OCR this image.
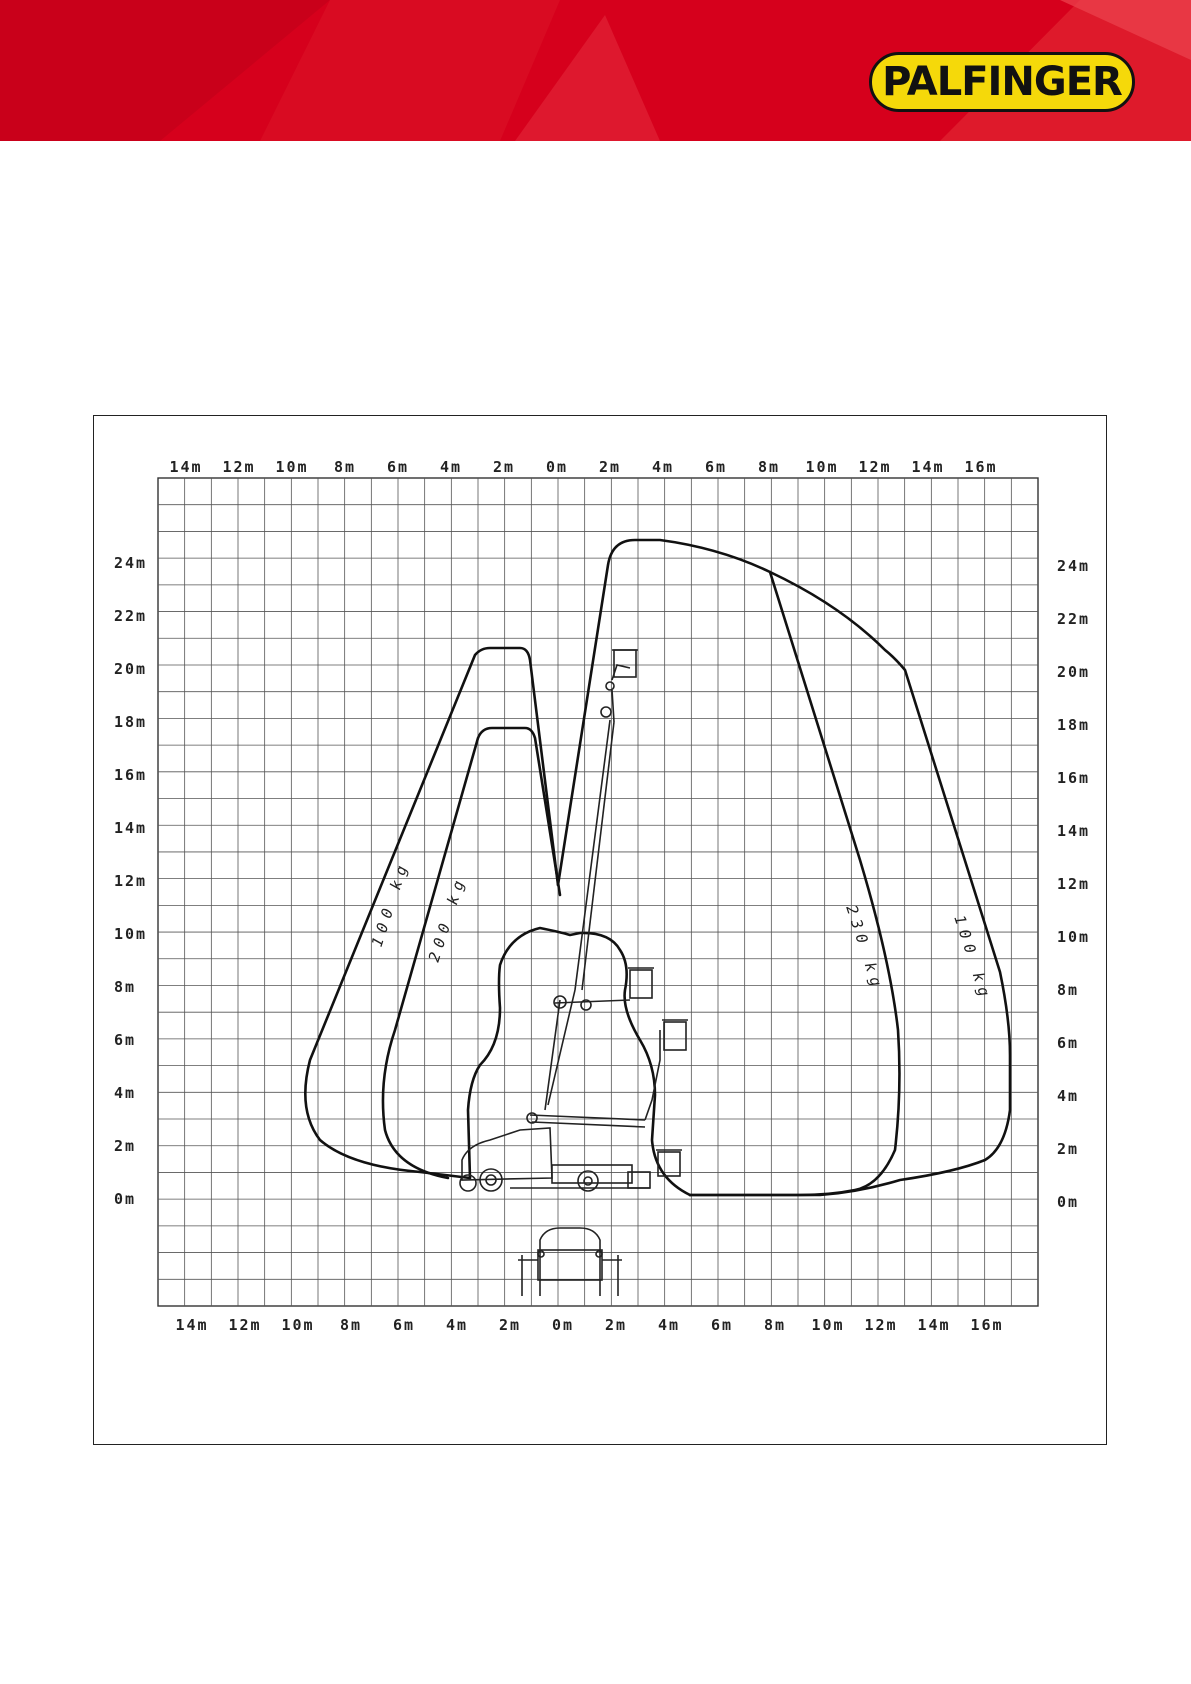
PALFINGER
14m 12m 10m 8m 6m 4m 2m 0m 2m 4m 6m 8m 10m 12m 14m 16m
14m 12m 10m 8m 6m 4m 2m 0m 2m 4m 6m 8m 10m 12m 14m 16m
24m
22m
20m
18m
16m
14m
12m
10m
8m
6m
4m
2m
0m
24m
22m
20m
18m
16m
14m
12m
10m
8m
6m
4m
2m
0m
100 kg 200 kg	230 kg	100 kg
